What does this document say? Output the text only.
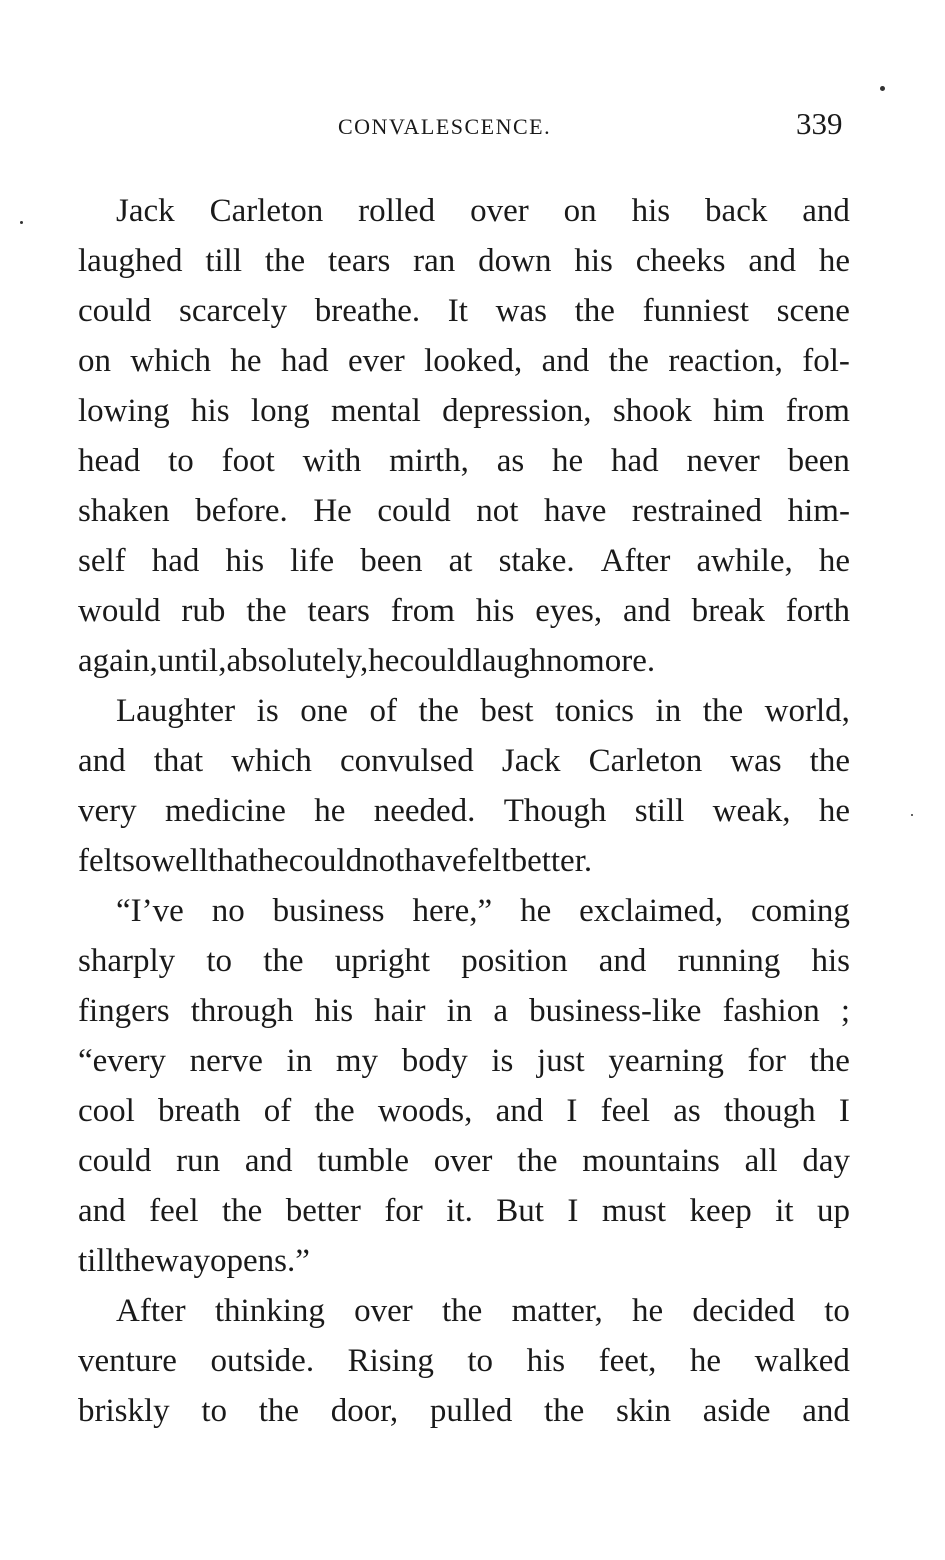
CONVALESCENCE.	339
Jack Carleton rolled over on his back and
laughed till the tears ran down his cheeks and he
could scarcely breathe. It was the funniest scene
on which he had ever looked, and the reaction, fol-
lowing his long mental depression, shook him from
head to foot with mirth, as he had never been
shaken before. He could not have restrained him-
self had his life been at stake. After awhile, he
would rub the tears from his eyes, and break forth
again, until, absolutely, he could laugh no more.
Laughter is one of the best tonics in the world,
and that which convulsed Jack Carleton was the
very medicine he needed. Though still weak, he
felt so well that he could not have felt better.
“I’ve no business here,” he exclaimed, coming
sharply to the upright position and running his
fingers through his hair in a business-like fashion ;
“every nerve in my body is just yearning for the
cool breath of the woods, and I feel as though I
could run and tumble over the mountains all day
and feel the better for it. But I must keep it up
till the way opens.”
After thinking over the matter, he decided to
venture outside. Rising to his feet, he walked
briskly to the door, pulled the skin aside and
